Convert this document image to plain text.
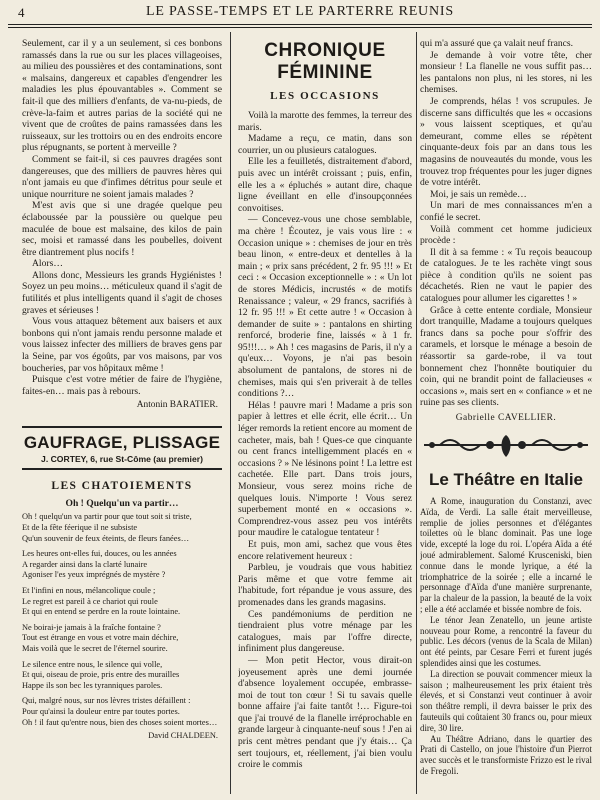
4	LE PASSE-TEMPS ET LE PARTERRE REUNIS

Seulement, car il y a un seulement, si ces bonbons ramassés dans la rue ou sur les places villageoises, au milieu des poussières et des contaminations, sont « malsains, dangereux et capables d'engendrer les maladies les plus épouvantables ». Comment se fait-il que des milliers d'enfants, de va-nu-pieds, de crève-la-faim et autres parias de la société qui ne vivent que de croûtes de pains ramassées dans les ruisseaux, sur les trottoirs ou en des endroits encore plus répugnants, se portent à merveille ?

Comment se fait-il, si ces pauvres dragées sont dangereuses, que des milliers de pauvres hères qui n'ont jamais eu que d'infimes détritus pour seule et unique nourriture ne soient jamais malades ?

M'est avis que si une dragée quelque peu éclaboussée par la poussière ou quelque peu maculée de boue est malsaine, des kilos de pain sec, moisi et ramassé dans les poubelles, doivent être diantrement plus nocifs !

Alors…

Allons donc, Messieurs les grands Hygiénistes ! Soyez un peu moins… méticuleux quand il s'agit de futilités et plus intelligents quand il s'agit de choses graves et sérieuses !

Vous vous attaquez bêtement aux baisers et aux bonbons qui n'ont jamais rendu personne malade et vous laissez infecter des milliers de braves gens par la Seine, par vos égoûts, par vos maisons, par vos boucheries, par vos hôpitaux même !

Puisque c'est votre métier de faire de l'hygiène, faites-en… mais pas à rebours.

Antonin BARATIER.

GAUFRAGE, PLISSAGE
J. CORTEY, 6, rue St-Côme (au premier)
LES CHATOIEMENTS
Oh ! Quelqu'un va partir…

Oh ! quelqu'un va partir pour que tout soit si triste,

Et de la fête féerique il ne subsiste

Qu'un souvenir de feux éteints, de fleurs fanées…

Les heures ont-elles fui, douces, ou les années

A regarder ainsi dans la clarté lunaire

Agoniser l'es yeux imprégnés de mystère ?

Et l'infini en nous, mélancolique coule ;

Le regret est pareil à ce chariot qui roule

Et qui en entend se perdre en la route lointaine.

Ne boirai-je jamais à la fraîche fontaine ?

Tout est étrange en vous et votre main déchire,

Mais voilà que le secret de l'éternel sourire.

Le silence entre nous, le silence qui volle,

Et qui, oiseau de proie, pris entre des murailles

Happe ils son bec les tyranniques paroles.

Qui, malgré nous, sur nos lèvres tristes défaillent :

Pour qu'ainsi la douleur entre par toutes portes.

Oh ! il faut qu'entre nous, bien des choses soient mortes…

David CHALDEEN.

CHRONIQUE FÉMININE
LES OCCASIONS

Voilà la marotte des femmes, la terreur des maris.

Madame a reçu, ce matin, dans son courrier, un ou plusieurs catalogues.

Elle les a feuilletés, distraitement d'abord, puis avec un intérêt croissant ; puis, enfin, elle les a « épluchés » autant dire, chaque ligne éveillant en elle d'insoupçonnées convoitises.

— Concevez-vous une chose semblable, ma chère ! Écoutez, je vais vous lire : « Occasion unique » : chemises de jour en très beau linon, « entre-deux et dentelles à la main ; « prix sans précédent, 2 fr. 95 !!! » Et ceci : « Occasion exceptionnelle » : « Un lot de stores Médicis, incrustés « de motifs Renaissance ; valeur, « 29 francs, sacrifiés à 12 fr. 95 !!! » Et cette autre ! « Occasion à demander de suite » : pantalons en shirting renforcé, broderie fine, laissés « à 1 fr. 95!!!… » Ah ! ces magasins de Paris, il n'y a qu'eux… Voyons, je n'ai pas besoin absolument de pantalons, de stores ni de chemises, mais qui s'en priverait à de telles conditions ?…

Hélas ! pauvre mari ! Madame a pris son papier à lettres et elle écrit, elle écrit… Un léger remords la retient encore au moment de cacheter, mais, bah ! Ques-ce que cinquante ou cent francs intelligemment placés en « occasions ? » Ne lésinons point ! La lettre est cachetée. Elle part. Dans trois jours, Monsieur, vous serez moins riche de quelques louis. N'importe ! Vous serez superbement monté en « occasions ». Comprendrez-vous assez peu vos intérêts pour maudire le catalogue tentateur !

Et puis, mon ami, sachez que vous êtes encore relativement heureux :

Parbleu, je voudrais que vous habitiez Paris même et que votre femme ait l'habitude, fort répandue je vous assure, des promenades dans les grands magasins.

Ces pandémoniums de perdition ne tiendraient plus votre ménage par les catalogues, mais par l'offre directe, infiniment plus dangereuse.

— Mon petit Hector, vous dirait-on joyeusement après une demi journée d'absence loyalement occupée, embrasse-moi de tout ton cœur ! Si tu savais quelle bonne affaire j'ai faite tantôt !… Figure-toi que j'ai trouvé de la flanelle irréprochable en grande largeur à cinquante-neuf sous ! J'en ai pris cent mètres pendant que j'y étais… Ça sert toujours, et, réellement, j'ai bien voulu croire le commis

qui m'a assuré que ça valait neuf francs.

Je demande à voir votre tête, cher monsieur ! La flanelle ne vous suffit pas… les pantalons non plus, ni les stores, ni les chemises.

Je comprends, hélas ! vos scrupules. Je discerne sans difficultés que les « occasions » vous laissent sceptiques, et qu'au demeurant, comme elles se répètent cinquante-deux fois par an dans tous les magasins de nouveautés du monde, vous les trouvez trop fréquentes pour les juger dignes de votre intérêt.

Moi, je sais un remède…

Un mari de mes connaissances m'en a confié le secret.

Voilà comment cet homme judicieux procède :

Il dit à sa femme : « Tu reçois beaucoup de catalogues. Je te les rachète vingt sous pièce à condition qu'ils ne soient pas décachetés. Rien ne vaut le papier des catalogues pour allumer les cigarettes ! »

Grâce à cette entente cordiale, Monsieur dort tranquille, Madame a toujours quelques francs dans sa poche pour s'offrir des caramels, et lorsque le ménage a besoin de réassortir sa garde-robe, il va tout bonnement chez l'honnête boutiquier du coin, qui ne brandit point de fallacieuses « occasions », mais sert en « confiance » et ne ruine pas ses clients.

Gabrielle CAVELLIER.

Le Théâtre en Italie

A Rome, inauguration du Constanzi, avec Aïda, de Verdi. La salle était merveilleuse, remplie de jolies personnes et d'élégantes toilettes où le blanc dominait. Pas une loge vide, excepté la loge du roi. L'opéra Aïda a été joué admirablement. Salomé Krusceniski, bien connue dans le monde lyrique, a été la triomphatrice de la soirée ; elle a incarné le personnage d'Aïda d'une manière surprenante, par la chaleur de la passion, la beauté de la voix ; elle a été acclamée et bissée nombre de fois.

Le ténor Jean Zenatello, un jeune artiste nouveau pour Rome, a rencontré la faveur du public. Les décors (venus de la Scala de Milan) ont été peints, par Cesare Ferri et furent jugés splendides ainsi que les costumes.

La direction se pouvait commencer mieux la saison ; malheureusement les prix étaient très élevés, et si Constanzi veut continuer à avoir son théâtre rempli, il devra baisser le prix des fauteuils qui coûtaient 30 francs ou, pour mieux dire, 30 lire.

Au Théâtre Adriano, dans le quartier des Prati di Castello, on joue l'histoire d'un Pierrot avec succès et le transformiste Frizzo est le rival de Fregoli.
